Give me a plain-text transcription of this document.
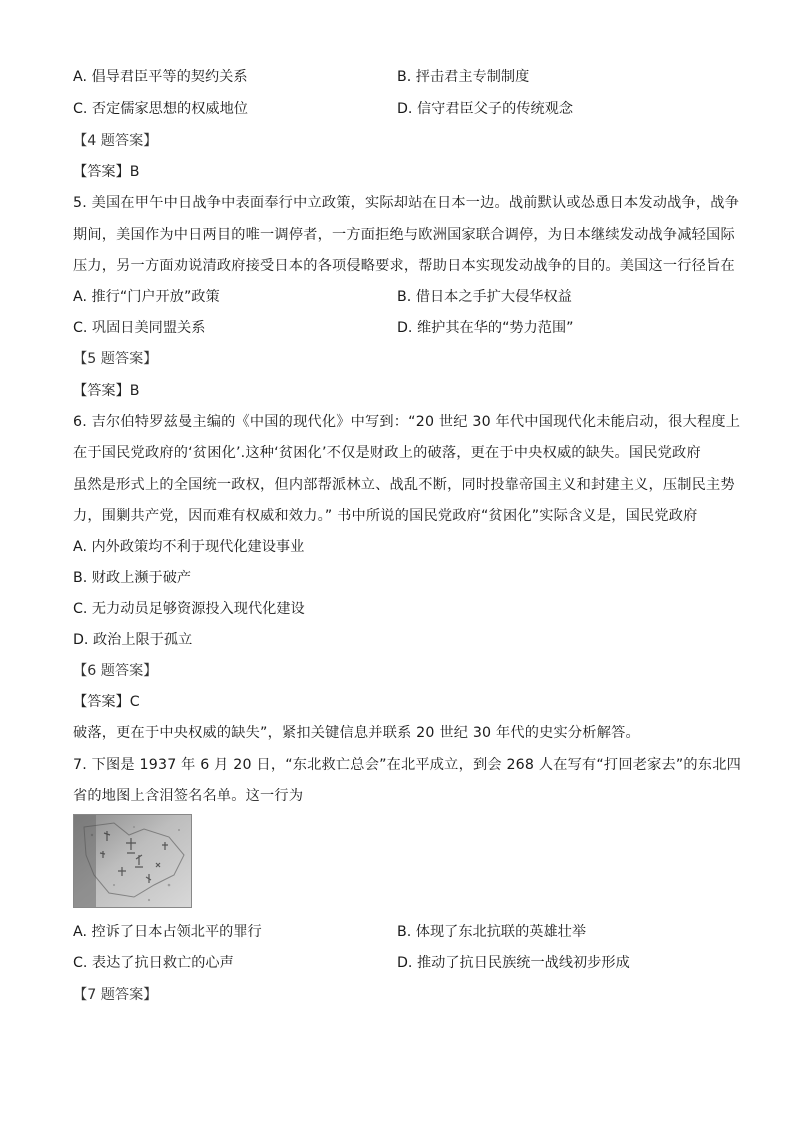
A. 倡导君臣平等的契约关系	B. 抨击君主专制制度
C. 否定儒家思想的权威地位	D. 信守君臣父子的传统观念
【4 题答案】
【答案】B
5. 美国在甲午中日战争中表面奉行中立政策，实际却站在日本一边。战前默认或怂恿日本发动战争，战争
期间，美国作为中日两目的唯一调停者，一方面拒绝与欧洲国家联合调停，为日本继续发动战争减轻国际
压力，另一方面劝说清政府接受日本的各项侵略要求，帮助日本实现发动战争的目的。美国这一行径旨在
A. 推行“门户开放”政策	B. 借日本之手扩大侵华权益
C. 巩固日美同盟关系	D. 维护其在华的“势力范围”
【5 题答案】
【答案】B
6. 吉尔伯特罗兹曼主编的《中国的现代化》中写到：“20 世纪 30 年代中国现代化未能启动，很大程度上
在于国民党政府的‘贫困化’.这种‘贫困化’不仅是财政上的破落，更在于中央权威的缺失。国民党政府
虽然是形式上的全国统一政权，但内部帮派林立、战乱不断，同时投靠帝国主义和封建主义，压制民主势
力，围剿共产党，因而难有权威和效力。” 书中所说的国民党政府“贫困化”实际含义是，国民党政府
A. 内外政策均不利于现代化建设事业
B. 财政上濒于破产
C. 无力动员足够资源投入现代化建设
D. 政治上限于孤立
【6 题答案】
【答案】C
破落，更在于中央权威的缺失”，紧扣关键信息并联系 20 世纪 30 年代的史实分析解答。
7. 下图是 1937 年 6 月 20 日，“东北救亡总会”在北平成立，到会 268 人在写有“打回老家去”的东北四
省的地图上含泪签名名单。这一行为
A. 控诉了日本占领北平的罪行	B. 体现了东北抗联的英雄壮举
C. 表达了抗日救亡的心声	D. 推动了抗日民族统一战线初步形成
【7 题答案】
